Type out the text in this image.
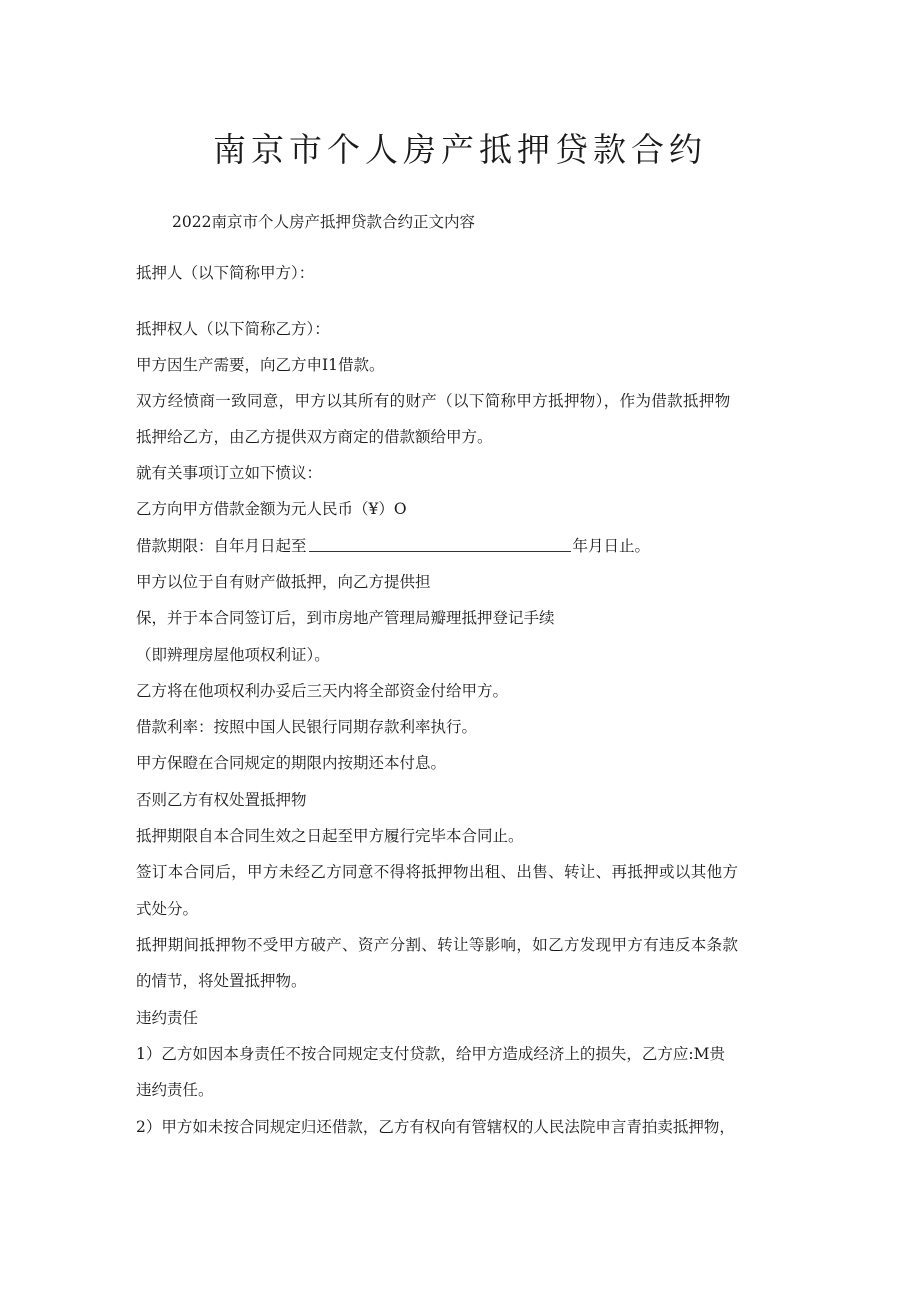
南京市个人房产抵押贷款合约
2022南京市个人房产抵押贷款合约正文内容
抵押人（以下简称甲方）：
抵押权人（以下简称乙方）：
甲方因生产需要，向乙方申I1借款。
双方经愤商一致同意，甲方以其所有的财产（以下简称甲方抵押物），作为借款抵押物
抵押给乙方，由乙方提供双方商定的借款额给甲方。
就有关事项订立如下愤议：
乙方向甲方借款金额为元人民币（¥）O
借款期限：自年月日起至	年月日止。
甲方以位于自有财产做抵押，向乙方提供担
保，并于本合同签订后，到市房地产管理局瓣理抵押登记手续
（即辨理房屋他项权利证）。
乙方将在他项权利办妥后三天内将全部资金付给甲方。
借款利率：按照中国人民银行同期存款利率执行。
甲方保瞪在合同规定的期限内按期还本付息。
否则乙方有权处置抵押物
抵押期限自本合同生效之日起至甲方履行完毕本合同止。
签订本合同后，甲方未经乙方同意不得将抵押物出租、出售、转让、再抵押或以其他方
式处分。
抵押期间抵押物不受甲方破产、资产分割、转让等影响，如乙方发现甲方有违反本条款
的情节，将处置抵押物。
违约责任
1）乙方如因本身责任不按合同规定支付贷款，给甲方造成经济上的损失，乙方应:M贵
违约责任。
2）甲方如未按合同规定归还借款，乙方有权向有管辖权的人民法院申言青拍卖抵押物，
